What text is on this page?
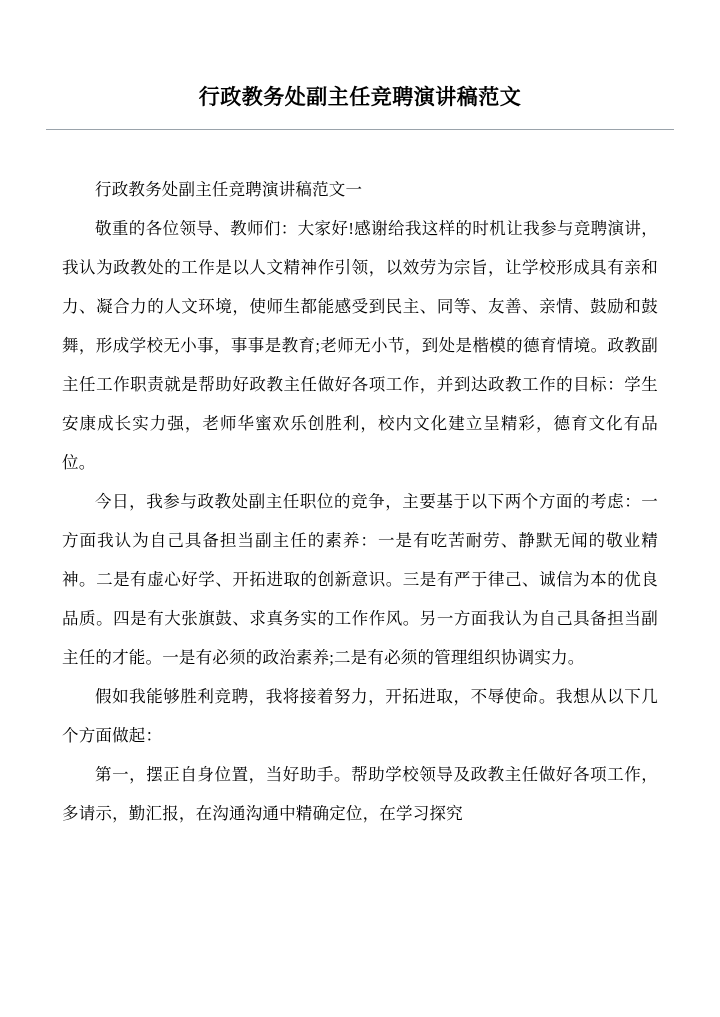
行政教务处副主任竞聘演讲稿范文

行政教务处副主任竞聘演讲稿范文一

敬重的各位领导、教师们：大家好!感谢给我这样的时机让我参与竞聘演讲，我认为政教处的工作是以人文精神作引领，以效劳为宗旨，让学校形成具有亲和力、凝合力的人文环境，使师生都能感受到民主、同等、友善、亲情、鼓励和鼓舞，形成学校无小事，事事是教育;老师无小节，到处是楷模的德育情境。政教副主任工作职责就是帮助好政教主任做好各项工作，并到达政教工作的目标：学生安康成长实力强，老师华蜜欢乐创胜利，校内文化建立呈精彩，德育文化有品位。

今日，我参与政教处副主任职位的竞争，主要基于以下两个方面的考虑：一方面我认为自己具备担当副主任的素养：一是有吃苦耐劳、静默无闻的敬业精神。二是有虚心好学、开拓进取的创新意识。三是有严于律己、诚信为本的优良品质。四是有大张旗鼓、求真务实的工作作风。另一方面我认为自己具备担当副主任的才能。一是有必须的政治素养;二是有必须的管理组织协调实力。

假如我能够胜利竞聘，我将接着努力，开拓进取，不辱使命。我想从以下几个方面做起：

第一，摆正自身位置，当好助手。帮助学校领导及政教主任做好各项工作，多请示，勤汇报，在沟通沟通中精确定位，在学习探究
